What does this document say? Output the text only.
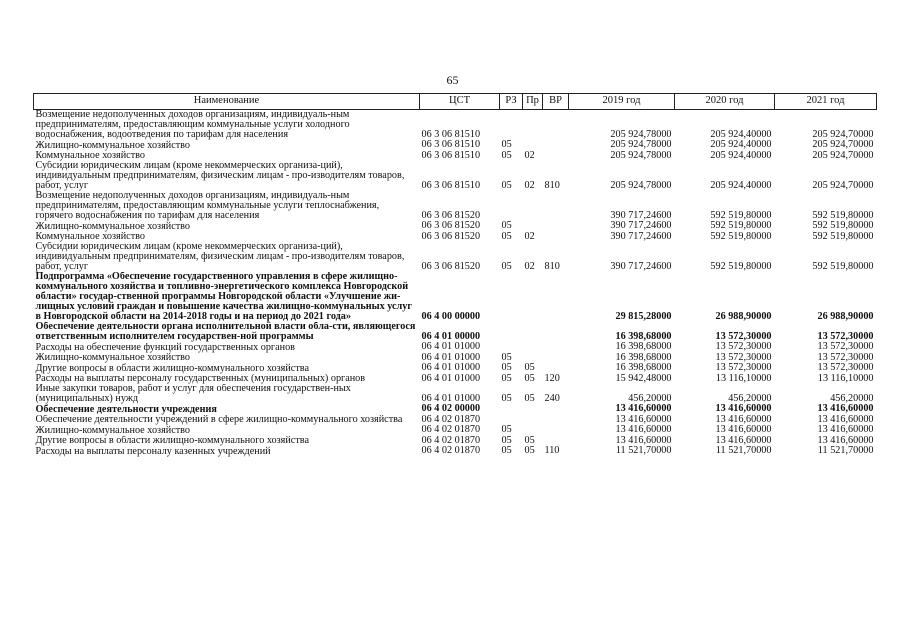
65
Наименование	ЦСТ	РЗ	Пр	ВР	2019 год	2020 год	2021 год
Возмещение недополученных доходов организациям, индивидуаль-ным предпринимателям, предоставляющим коммунальные услуги холодного водоснабжения, водоотведения по тарифам для населения	06 3 06 81510				205 924,78000	205 924,40000	205 924,70000
Жилищно-коммунальное хозяйство	06 3 06 81510	05			205 924,78000	205 924,40000	205 924,70000
Коммунальное хозяйство	06 3 06 81510	05	02		205 924,78000	205 924,40000	205 924,70000
Субсидии юридическим лицам (кроме некоммерческих организа-ций), индивидуальным предпринимателям, физическим лицам - про-изводителям товаров, работ, услуг	06 3 06 81510	05	02	810	205 924,78000	205 924,40000	205 924,70000
Возмещение недополученных доходов организациям, индивидуаль-ным предпринимателям, предоставляющим коммунальные услуги теплоснабжения, горячего водоснабжения по тарифам для населения	06 3 06 81520				390 717,24600	592 519,80000	592 519,80000
Жилищно-коммунальное хозяйство	06 3 06 81520	05			390 717,24600	592 519,80000	592 519,80000
Коммунальное хозяйство	06 3 06 81520	05	02		390 717,24600	592 519,80000	592 519,80000
Субсидии юридическим лицам (кроме некоммерческих организа-ций), индивидуальным предпринимателям, физическим лицам - про-изводителям товаров, работ, услуг	06 3 06 81520	05	02	810	390 717,24600	592 519,80000	592 519,80000
Подпрограмма «Обеспечение государственного управления в сфере жилищно-коммунального хозяйства и топливно-энергетического комплекса Новгородской области» государ-ственной программы Новгородской области «Улучшение жи-лищных условий граждан и повышение качества жилищно-коммунальных услуг в Новгородской области на 2014-2018 годы и на период до 2021 года»	06 4 00 00000				29 815,28000	26 988,90000	26 988,90000
Обеспечение деятельности органа исполнительной власти обла-сти, являющегося ответственным исполнителем государствен-ной программы	06 4 01 00000				16 398,68000	13 572,30000	13 572,30000
Расходы на обеспечение функций государственных органов	06 4 01 01000				16 398,68000	13 572,30000	13 572,30000
Жилищно-коммунальное хозяйство	06 4 01 01000	05			16 398,68000	13 572,30000	13 572,30000
Другие вопросы в области жилищно-коммунального хозяйства	06 4 01 01000	05	05		16 398,68000	13 572,30000	13 572,30000
Расходы на выплаты персоналу государственных (муниципальных) органов	06 4 01 01000	05	05	120	15 942,48000	13 116,10000	13 116,10000
Иные закупки товаров, работ и услуг для обеспечения государствен-ных (муниципальных) нужд	06 4 01 01000	05	05	240	456,20000	456,20000	456,20000
Обеспечение деятельности учреждения	06 4 02 00000				13 416,60000	13 416,60000	13 416,60000
Обеспечение деятельности учреждений в сфере жилищно-коммунального хозяйства	06 4 02 01870				13 416,60000	13 416,60000	13 416,60000
Жилищно-коммунальное хозяйство	06 4 02 01870	05			13 416,60000	13 416,60000	13 416,60000
Другие вопросы в области жилищно-коммунального хозяйства	06 4 02 01870	05	05		13 416,60000	13 416,60000	13 416,60000
Расходы на выплаты персоналу казенных учреждений	06 4 02 01870	05	05	110	11 521,70000	11 521,70000	11 521,70000
